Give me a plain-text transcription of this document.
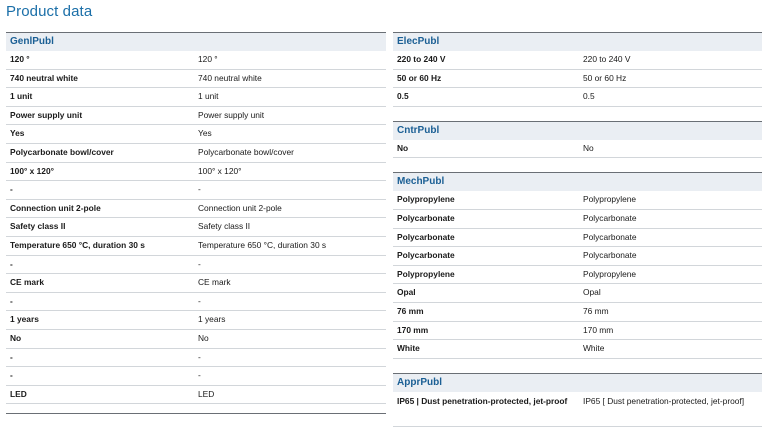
Product data
GenlPubl
120 °	120 °
740 neutral white	740 neutral white
1 unit	1 unit
Power supply unit	Power supply unit
Yes	Yes
Polycarbonate bowl/cover	Polycarbonate bowl/cover
100° x 120°	100° x 120°
-	-
Connection unit 2-pole	Connection unit 2-pole
Safety class II	Safety class II
Temperature 650 °C, duration 30 s	Temperature 650 °C, duration 30 s
-	-
CE mark	CE mark
-	-
1 years	1 years
No	No
-	-
-	-
LED	LED
ElecPubl
220 to 240 V	220 to 240 V
50 or 60 Hz	50 or 60 Hz
0.5	0.5
CntrPubl
No	No
MechPubl
Polypropylene	Polypropylene
Polycarbonate	Polycarbonate
Polycarbonate	Polycarbonate
Polycarbonate	Polycarbonate
Polypropylene	Polypropylene
Opal	Opal
76 mm	76 mm
170 mm	170 mm
White	White
ApprPubl
IP65 | Dust penetration-protected, jet-proof	IP65 [ Dust penetration-protected, jet-proof]
